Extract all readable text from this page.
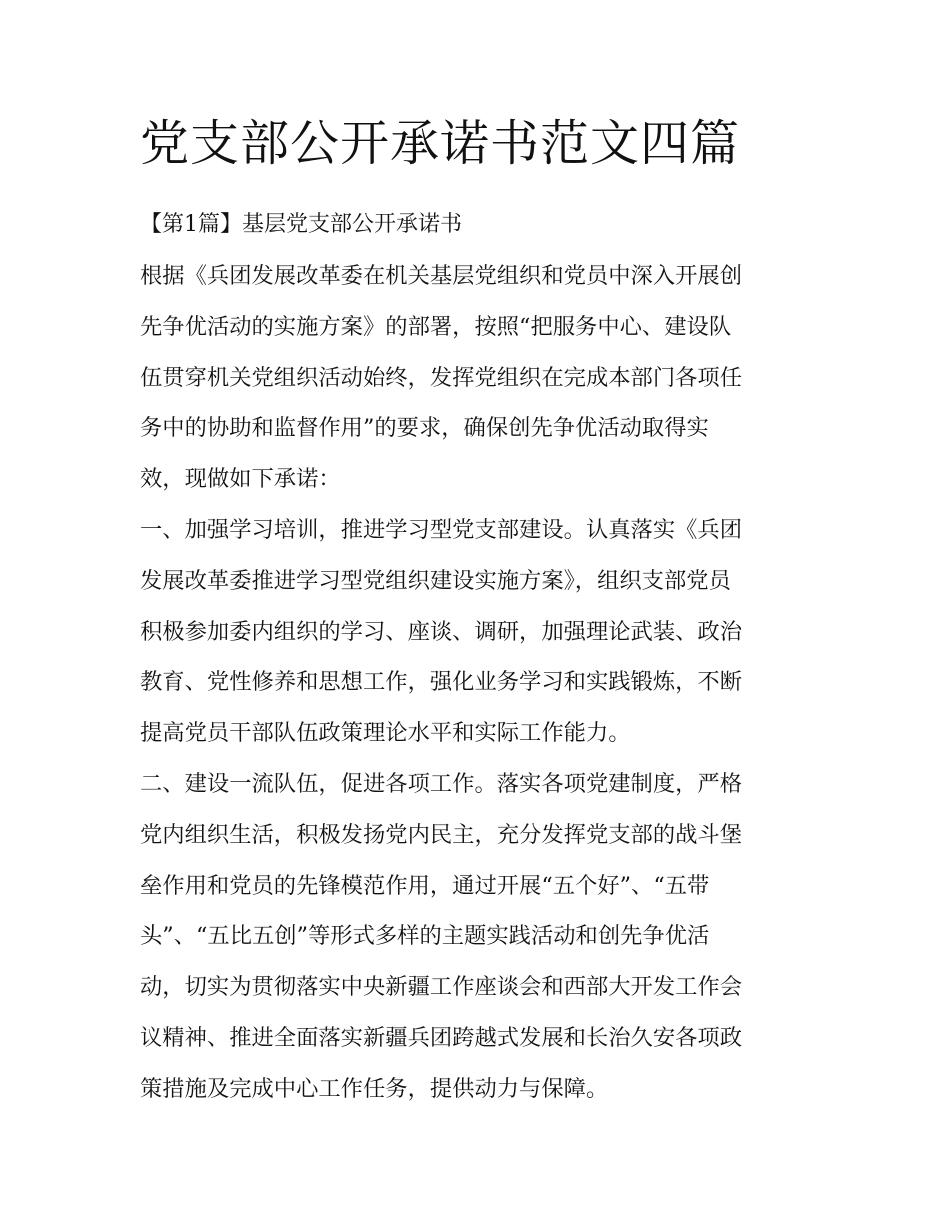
党支部公开承诺书范文四篇
【第1篇】基层党支部公开承诺书
根据《兵团发展改革委在机关基层党组织和党员中深入开展创
先争优活动的实施方案》的部署，按照“把服务中心、建设队
伍贯穿机关党组织活动始终，发挥党组织在完成本部门各项任
务中的协助和监督作用”的要求，确保创先争优活动取得实
效，现做如下承诺：
一、加强学习培训，推进学习型党支部建设。认真落实《兵团
发展改革委推进学习型党组织建设实施方案》，组织支部党员
积极参加委内组织的学习、座谈、调研，加强理论武装、政治
教育、党性修养和思想工作，强化业务学习和实践锻炼，不断
提高党员干部队伍政策理论水平和实际工作能力。
二、建设一流队伍，促进各项工作。落实各项党建制度，严格
党内组织生活，积极发扬党内民主，充分发挥党支部的战斗堡
垒作用和党员的先锋模范作用，通过开展“五个好”、“五带
头”、“五比五创”等形式多样的主题实践活动和创先争优活
动，切实为贯彻落实中央新疆工作座谈会和西部大开发工作会
议精神、推进全面落实新疆兵团跨越式发展和长治久安各项政
策措施及完成中心工作任务，提供动力与保障。
